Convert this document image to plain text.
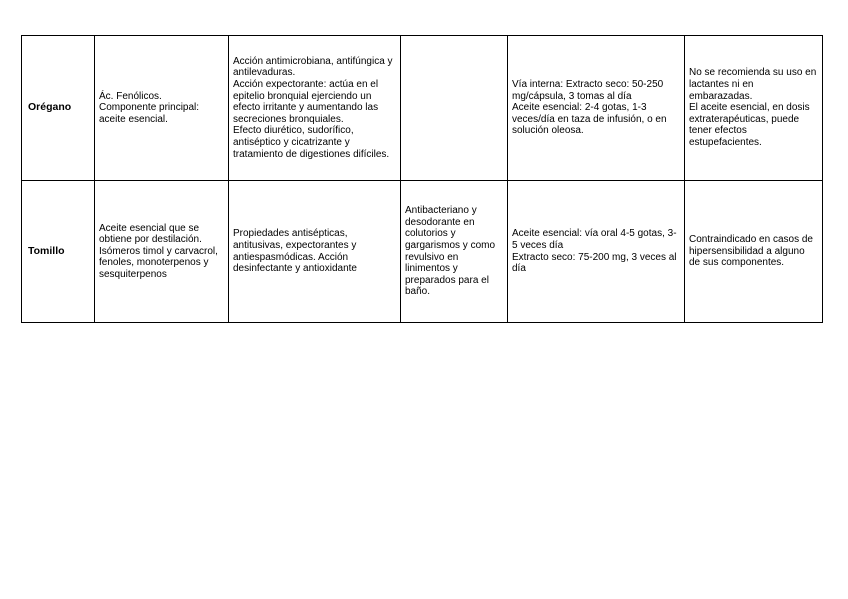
Orégano	Ác. Fenólicos.
Componente principal: aceite esencial.	Acción antimicrobiana, antifúngica y antilevaduras.
Acción expectorante: actúa en el epitelio bronquial ejerciendo un efecto irritante y aumentando las secreciones bronquiales.
Efecto diurético, sudorífico, antiséptico y cicatrizante y tratamiento de digestiones difíciles.		Vía interna: Extracto seco: 50-250 mg/cápsula, 3 tomas al día
Aceite esencial: 2-4 gotas, 1-3 veces/día en taza de infusión, o en solución oleosa.	No se recomienda su uso en lactantes ni en embarazadas.
El aceite esencial, en dosis extraterapéuticas, puede tener efectos estupefacientes.

Tomillo	Aceite esencial que se obtiene por destilación.
Isómeros timol y carvacrol, fenoles, monoterpenos y sesquiterpenos	Propiedades antisépticas, antitusivas, expectorantes y antiespasmódicas. Acción desinfectante y antioxidante	Antibacteriano y desodorante en colutorios y gargarismos y como revulsivo en linimentos y preparados para el baño.	Aceite esencial: vía oral 4-5 gotas, 3-5 veces día
Extracto seco: 75-200 mg, 3 veces al día	Contraindicado en casos de hipersensibilidad a alguno de sus componentes.
